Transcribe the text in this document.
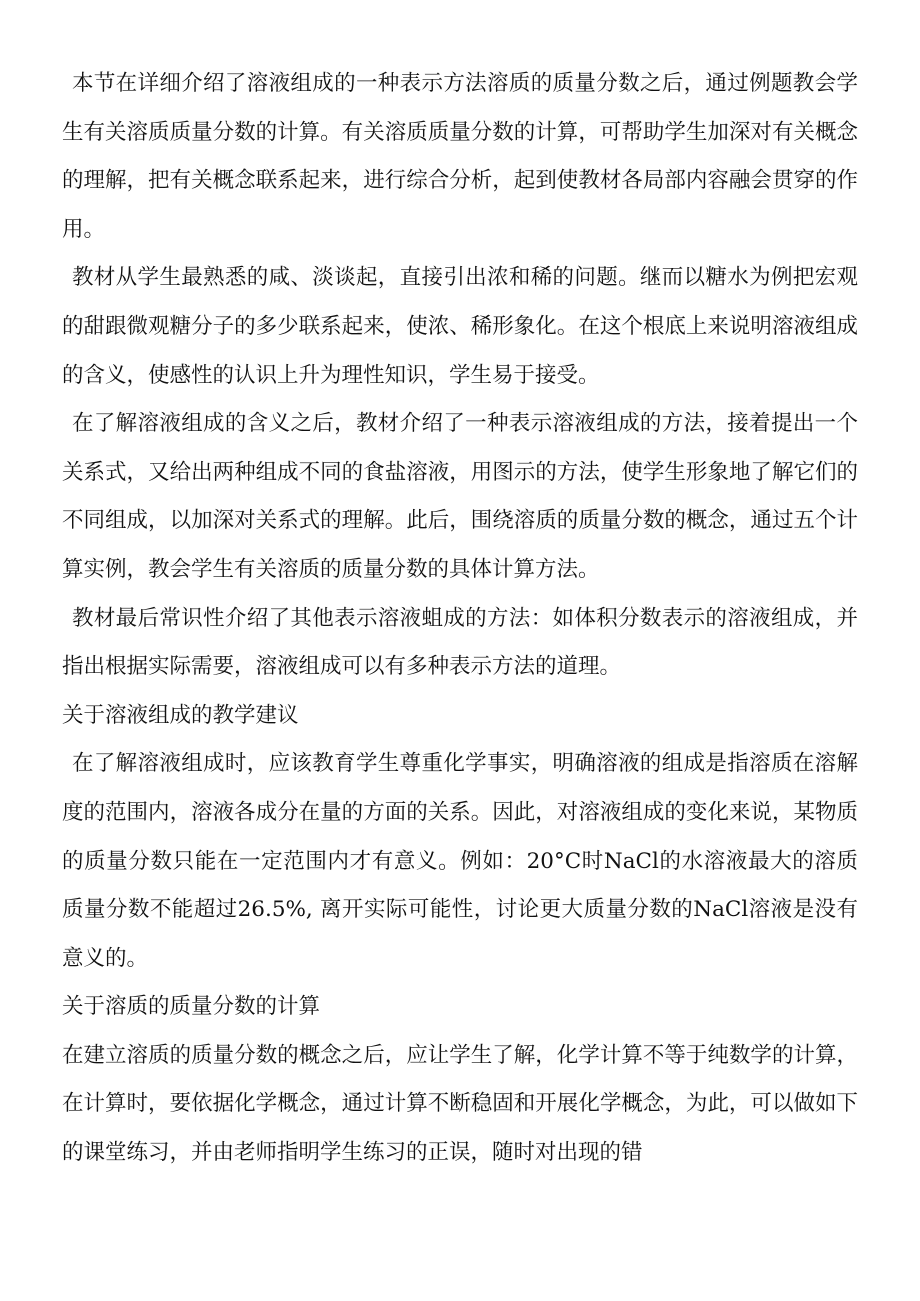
本节在详细介绍了溶液组成的一种表示方法溶质的质量分数之后，通过例题教会学生有关溶质质量分数的计算。有关溶质质量分数的计算，可帮助学生加深对有关概念的理解，把有关概念联系起来，进行综合分析，起到使教材各局部内容融会贯穿的作用。

教材从学生最熟悉的咸、淡谈起，直接引出浓和稀的问题。继而以糖水为例把宏观的甜跟微观糖分子的多少联系起来，使浓、稀形象化。在这个根底上来说明溶液组成的含义，使感性的认识上升为理性知识，学生易于接受。

在了解溶液组成的含义之后，教材介绍了一种表示溶液组成的方法，接着提出一个关系式，又给出两种组成不同的食盐溶液，用图示的方法，使学生形象地了解它们的不同组成，以加深对关系式的理解。此后，围绕溶质的质量分数的概念，通过五个计算实例，教会学生有关溶质的质量分数的具体计算方法。

教材最后常识性介绍了其他表示溶液蛆成的方法：如体积分数表示的溶液组成，并指出根据实际需要，溶液组成可以有多种表示方法的道理。

关于溶液组成的教学建议

在了解溶液组成时，应该教育学生尊重化学事实，明确溶液的组成是指溶质在溶解度的范围内，溶液各成分在量的方面的关系。因此，对溶液组成的变化来说，某物质的质量分数只能在一定范围内才有意义。例如：20°C时NaCl的水溶液最大的溶质质量分数不能超过26.5%, 离开实际可能性，讨论更大质量分数的NaCl溶液是没有意义的。

关于溶质的质量分数的计算

在建立溶质的质量分数的概念之后，应让学生了解，化学计算不等于纯数学的计算，在计算时，要依据化学概念，通过计算不断稳固和开展化学概念，为此，可以做如下的课堂练习，并由老师指明学生练习的正误，随时对出现的错
